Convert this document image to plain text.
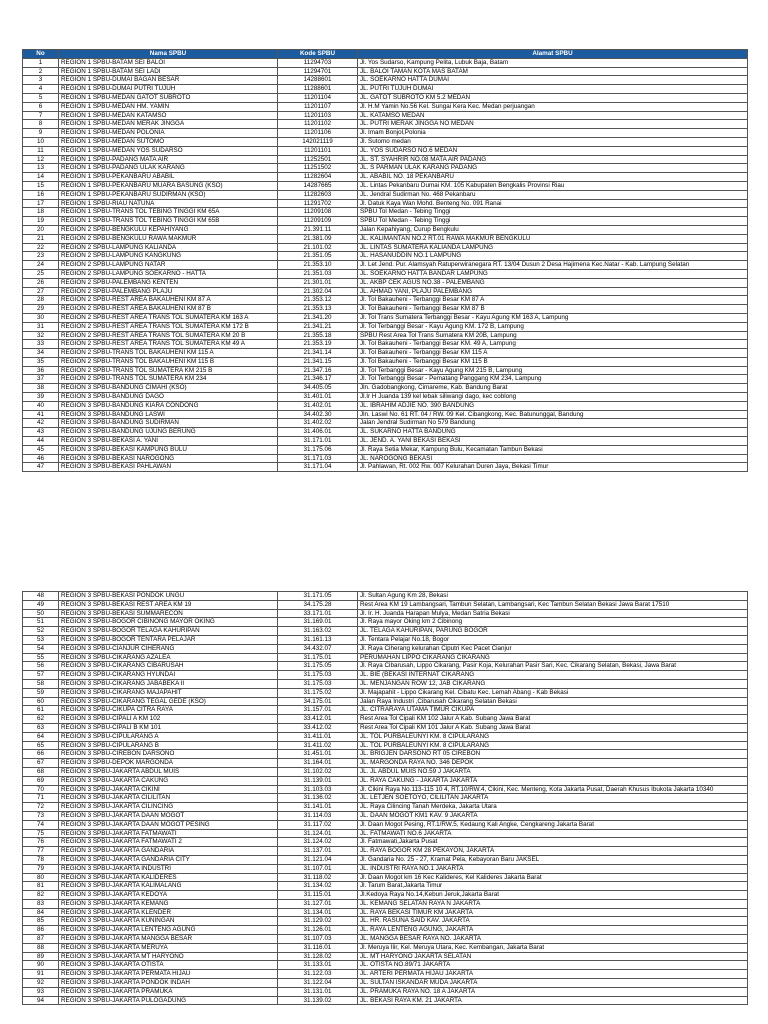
No	Nama SPBU	Kode SPBU	Alamat SPBU
1	REGION 1 SPBU-BATAM SEI BALOI	11294703	Jl. Yos Sudarso, Kampung Pelita, Lubuk Baja, Batam
2	REGION 1 SPBU-BATAM SEI LADI	11294701	JL. BALOI TAMAN KOTA MAS BATAM
3	REGION 1 SPBU-DUMAI BAGAN BESAR	14288601	JL. SOEKARNO HATTA DUMAI
4	REGION 1 SPBU-DUMAI PUTRI TUJUH	11288601	JL. PUTRI TUJUH DUMAI
5	REGION 1 SPBU-MEDAN GATOT SUBROTO	11201104	JL. GATOT SUBROTO KM 5.2 MEDAN
6	REGION 1 SPBU-MEDAN HM. YAMIN	11201107	Jl. H.M Yamin No.56 Kel. Sungai Kera Kec. Medan perjuangan
7	REGION 1 SPBU-MEDAN KATAMSO	11201103	JL. KATAMSO MEDAN
8	REGION 1 SPBU-MEDAN MERAK JINGGA	11201102	JL. PUTRI MERAK JINGGA NO MEDAN
9	REGION 1 SPBU-MEDAN POLONIA	11201106	Jl. Imam Bonjol,Polonia
10	REGION 1 SPBU-MEDAN SUTOMO	142021119	Jl. Sutomo medan
11	REGION 1 SPBU-MEDAN YOS SUDARSO	11201101	JL. YOS SUDARSO NO.6 MEDAN
12	REGION 1 SPBU-PADANG MATA AIR	11252501	JL. ST. SYAHRIR NO.08 MATA AIR PADANG
13	REGION 1 SPBU-PADANG ULAK KARANG	11251502	JL. S PARMAN ULAK KARANG PADANG
14	REGION 1 SPBU-PEKANBARU ABABIL	11282604	JL. ABABIL NO. 18 PEKANBARU
15	REGION 1 SPBU-PEKANBARU MUARA BASUNG (KSO)	14287665	JL. Lintas Pekanbaru Dumai KM. 105 Kabupaten Bengkalis Provinsi Riau
16	REGION 1 SPBU-PEKANBARU SUDIRMAN (KSO)	11282603	JL. Jendral Sudirman No. 468 Pekanbaru
17	REGION 1 SPBU-RIAU NATUNA	11291702	Jl. Datuk Kaya Wan Mohd. Benteng No. 091 Ranai
18	REGION 1 SPBU-TRANS TOL TEBING TINGGI KM 65A	11209108	SPBU Tol Medan - Tebing Tinggi
19	REGION 1 SPBU-TRANS TOL TEBING TINGGI KM 65B	11209109	SPBU Tol Medan - Tebing Tinggi
20	REGION 2 SPBU-BENGKULU KEPAHIYANG	21.391.11	Jalan Kepahiyang, Curup Bengkulu
21	REGION 2 SPBU-BENGKULU RAWA MAKMUR	21.381.09	JL. KALIMANTAN NO.2 RT.01 RAWA MAKMUR BENGKULU
22	REGION 2 SPBU-LAMPUNG KALIANDA	21.101.02	JL. LINTAS SUMATERA KALIANDA LAMPUNG
23	REGION 2 SPBU-LAMPUNG KANGKUNG	21.351.05	JL. HASANUDDIN NO.1 LAMPUNG
24	REGION 2 SPBU-LAMPUNG NATAR	21.353.10	Jl. Let Jend. Pur. Alamsyah Ratuperwiranegara RT. 13/04 Dusun 2 Desa Hajimena Kec.Natar - Kab. Lampung Selatan
25	REGION 2 SPBU-LAMPUNG SOEKARNO - HATTA	21.351.03	JL. SOEKARNO HATTA BANDAR LAMPUNG
26	REGION 2 SPBU-PALEMBANG KENTEN	21.301.01	JL. AKBP CEK AGUS NO.38 - PALEMBANG
27	REGION 2 SPBU-PALEMBANG PLAJU	21.302.04	JL. AHMAD YANI, PLAJU PALEMBANG
28	REGION 2 SPBU-REST AREA BAKAUHENI KM 87 A	21.353.12	Jl. Tol Bakauheni - Terbanggi Besar KM 87 A
29	REGION 2 SPBU-REST AREA BAKAUHENI KM 87 B	21.353.13	Jl. Tol Bakauheni - Terbanggi Besar KM 87 B
30	REGION 2 SPBU-REST AREA TRANS TOL SUMATERA KM 163 A	21.341.20	Jl. Tol Trans Sumatera Terbanggi Besar - Kayu Agung KM 163 A, Lampung
31	REGION 2 SPBU-REST AREA TRANS TOL SUMATERA KM 172 B	21.341.21	Jl. Tol Terbanggi Besar - Kayu Agung KM. 172 B, Lampung
32	REGION 2 SPBU-REST AREA TRANS TOL SUMATERA KM 20 B	21.355.18	SPBU Rest Area Tol Trans Sumatera KM 20B, Lampung
33	REGION 2 SPBU-REST AREA TRANS TOL SUMATERA KM 49 A	21.353.19	Jl. Tol Bakauheni - Terbanggi Besar KM. 49 A, Lampung
34	REGION 2 SPBU-TRANS TOL BAKAUHENI KM 115 A	21.341.14	Jl. Tol Bakauheni - Terbanggi Besar KM 115 A
35	REGION 2 SPBU-TRANS TOL BAKAUHENI KM 115 B	21.341.15	Jl. Tol Bakauheni - Terbanggi Besar KM 115 B
36	REGION 2 SPBU-TRANS TOL SUMATERA KM 215 B	21.347.16	Jl. Tol Terbanggi Besar - Kayu Agung KM 215 B, Lampung
37	REGION 2 SPBU-TRANS TOL SUMATERA KM 234	21.346.17	Jl. Tol Terbanggi Besar - Pematang Panggang KM 234, Lampung
38	REGION 3 SPBU-BANDUNG CIMAHI (KSO)	34.405.05	Jln. Gadobangkong, Cimareme, Kab. Bandung Barat
39	REGION 3 SPBU-BANDUNG DAGO	31.401.01	Jl.Ir H Juanda 139 kel lebak siliwangi dago, kec coblong
40	REGION 3 SPBU-BANDUNG KIARA CONDONG	31.402.01	JL. IBRAHIM ADJIE NO. 390 BANDUNG
41	REGION 3 SPBU-BANDUNG LASWI	34.402.30	Jln. Laswi No. 61 RT. 04 / RW. 09 Kel. Cibangkong, Kec. Batununggal, Bandung
42	REGION 3 SPBU-BANDUNG SUDIRMAN	31.402.02	Jalan Jendral Sudirman No 579 Bandung
43	REGION 3 SPBU-BANDUNG UJUNG BERUNG	31.406.01	JL. SUKARNO HATTA BANDUNG
44	REGION 3 SPBU-BEKASI A. YANI	31.171.01	JL. JEND. A. YANI BEKASI BEKASI
45	REGION 3 SPBU-BEKASI KAMPUNG BULU	31.175.06	Jl. Raya Setia Mekar, Kampung Bulu, Kecamatan Tambun Bekasi
46	REGION 3 SPBU-BEKASI NAROGONG	31.171.03	JL. NAROGONG BEKASI
47	REGION 3 SPBU-BEKASI PAHLAWAN	31.171.04	Jl. Pahlawan, Rt. 002 Rw. 007 Kelurahan Duren Jaya, Bekasi Timur
48	REGION 3 SPBU-BEKASI PONDOK UNGU	31.171.05	Jl. Sultan Agung Km 28, Bekasi
49	REGION 3 SPBU-BEKASI REST AREA KM 19	34.175.28	Rest Area KM 19 Lambangsari, Tambun Selatan, Lambangsari, Kec Tambun Selatan Bekasi Jawa Barat 17510
50	REGION 3 SPBU-BEKASI SUMMARECON	33.171.01	Jl. Ir. H. Juanda Harapan Mulya, Medan Satria Bekasi
51	REGION 3 SPBU-BOGOR CIBINONG MAYOR OKING	31.169.01	Jl. Raya mayor Oking km 2 Cibinong
52	REGION 3 SPBU-BOGOR TELAGA KAHURIPAN	31.163.02	JL. TELAGA KAHURIPAN, PARUNG BOGOR
53	REGION 3 SPBU-BOGOR TENTARA PELAJAR	31.161.13	Jl. Tentara Pelajar No.18, Bogor
54	REGION 3 SPBU-CIANJUR CIHERANG	34.432.07	Jl. Raya Ciherang kelurahan Ciputri Kec Pacet Cianjur
55	REGION 3 SPBU-CIKARANG AZALEA	31.175.01	PERUMAHAN LIPPO CIKARANG CIKARANG
56	REGION 3 SPBU-CIKARANG CIBARUSAH	31.175.05	Jl. Raya Cibarusah, Lippo Cikarang, Pasir Koja, Kelurahan Pasir Sari, Kec. Cikarang Selatan, Bekasi, Jawa Barat
57	REGION 3 SPBU-CIKARANG HYUNDAI	31.175.03	JL. BIE (BEKASI INTERNAT CIKARANG
58	REGION 3 SPBU-CIKARANG JABABEKA II	31.175.03	JL. MENJANGAN ROW 12, JAB CIKARANG
59	REGION 3 SPBU-CIKARANG MAJAPAHIT	31.175.02	Jl. Majapahit - Lippo Cikarang Kel. Cibatu Kec. Lemah Abang - Kab Bekasi
60	REGION 3 SPBU-CIKARANG TEGAL GEDE (KSO)	34.175.01	Jalan Raya Industri ,Cibarusah Cikarang Selatan Bekasi
61	REGION 3 SPBU-CIKUPA CITRA RAYA	31.157.01	JL. CITRARAYA UTAMA TIMUR CIKUPA
62	REGION 3 SPBU-CIPALI A KM 102	33.412.01	Rest Area Tol Cipali KM 102 Jalur A Kab. Subang Jawa Barat
63	REGION 3 SPBU-CIPALI B KM 101	33.412.02	Rest Area Tol Cipali KM 101 Jalur A Kab. Subang Jawa Barat
64	REGION 3 SPBU-CIPULARANG A	31.411.01	JL. TOL PURBALEUNYI KM. 8 CIPULARANG
65	REGION 3 SPBU-CIPULARANG B	31.411.02	JL. TOL PURBALEUNYI KM. 8 CIPULARANG
66	REGION 3 SPBU-CIREBON DARSONO	31.451.01	JL. BRIGJEN DARSONO RT 05 CIREBON
67	REGION 3 SPBU-DEPOK MARGONDA	31.164.01	JL. MARGONDA RAYA NO. 346 DEPOK
68	REGION 3 SPBU-JAKARTA ABDUL MUIS	31.102.02	JL. JL ABDUL MUIS NO.59 J JAKARTA
69	REGION 3 SPBU-JAKARTA CAKUNG	31.139.01	JL. RAYA CAKUNG - JAKARTA JAKARTA
70	REGION 3 SPBU-JAKARTA CIKINI	31.103.03	Jl. Cikini Raya No.113-115 10 4, RT.10/RW.4, Cikini, Kec. Menteng, Kota Jakarta Pusat, Daerah Khusus Ibukota Jakarta 10340
71	REGION 3 SPBU-JAKARTA CILILITAN	31.136.02	JL. LETJEN SOETOYO, CILILITAN JAKARTA
72	REGION 3 SPBU-JAKARTA CILINCING	31.141.01	JL. Raya Cilincing Tanah Merdeka, Jakarta Utara
73	REGION 3 SPBU-JAKARTA DAAN MOGOT	31.114.03	JL. DAAN MOGOT KM1 KAV. 9 JAKARTA
74	REGION 3 SPBU-JAKARTA DAAN MOGOT PESING	31.117.02	Jl. Daan Mogot Pesing, RT.1/RW.5, Kedaung Kali Angke, Cengkareng Jakarta Barat
75	REGION 3 SPBU-JAKARTA FATMAWATI	31.124.01	JL. FATMAWATI NO.6 JAKARTA
76	REGION 3 SPBU-JAKARTA FATMAWATI 2	31.124.02	Jl. Fatmawati,Jakarta Pusat
77	REGION 3 SPBU-JAKARTA GANDARIA	31.137.01	JL. RAYA BOGOR KM 28 PEKAYON, JAKARTA
78	REGION 3 SPBU-JAKARTA GANDARIA CITY	31.121.04	Jl. Gandaria No. 25 - 27, Kramat Pela, Kebayoran Baru JAKSEL
79	REGION 3 SPBU-JAKARTA INDUSTRI	31.107.01	JL. INDUSTRI RAYA NO.1 JAKARTA
80	REGION 3 SPBU-JAKARTA KALIDERES	31.118.02	Jl. Daan Mogot km 16 Kec Kalideres, Kel Kalideres Jakarta Barat
81	REGION 3 SPBU-JAKARTA KALIMALANG	31.134.02	Jl. Tarum Barat,Jakarta Timur
82	REGION 3 SPBU-JAKARTA KEDOYA	31.115.01	Jl.Kedoya Raya No.14,Kebun Jeruk,Jakarta Barat
83	REGION 3 SPBU-JAKARTA KEMANG	31.127.01	JL. KEMANG SELATAN RAYA N JAKARTA
84	REGION 3 SPBU-JAKARTA KLENDER	31.134.01	JL. RAYA BEKASI TIMUR KM JAKARTA
85	REGION 3 SPBU-JAKARTA KUNINGAN	31.129.02	JL. HR. RASUNA SAID KAV. JAKARTA
86	REGION 3 SPBU-JAKARTA LENTENG AGUNG	31.126.01	JL. RAYA LENTENG AGUNG, JAKARTA
87	REGION 3 SPBU-JAKARTA MANGGA BESAR	31.107.03	JL. MANGGA BESAR RAYA NO. JAKARTA
88	REGION 3 SPBU-JAKARTA MERUYA	31.116.01	Jl. Meruya Ilir, Kel. Meruya Utara, Kec. Kembangan, Jakarta Barat
89	REGION 3 SPBU-JAKARTA MT HARYONO	31.128.02	JL. MT HARYONO JAKARTA SELATAN
90	REGION 3 SPBU-JAKARTA OTISTA	31.133.01	JL. OTISTA NO.89/71 JAKARTA
91	REGION 3 SPBU-JAKARTA PERMATA HIJAU	31.122.03	JL. ARTERI PERMATA HIJAU JAKARTA
92	REGION 3 SPBU-JAKARTA PONDOK INDAH	31.122.04	JL. SULTAN ISKANDAR MUDA JAKARTA
93	REGION 3 SPBU-JAKARTA PRAMUKA	31.131.01	JL. PRAMUKA RAYA NO. 18 A JAKARTA
94	REGION 3 SPBU-JAKARTA PULOGADUNG	31.139.02	JL. BEKASI RAYA KM. 21 JAKARTA
